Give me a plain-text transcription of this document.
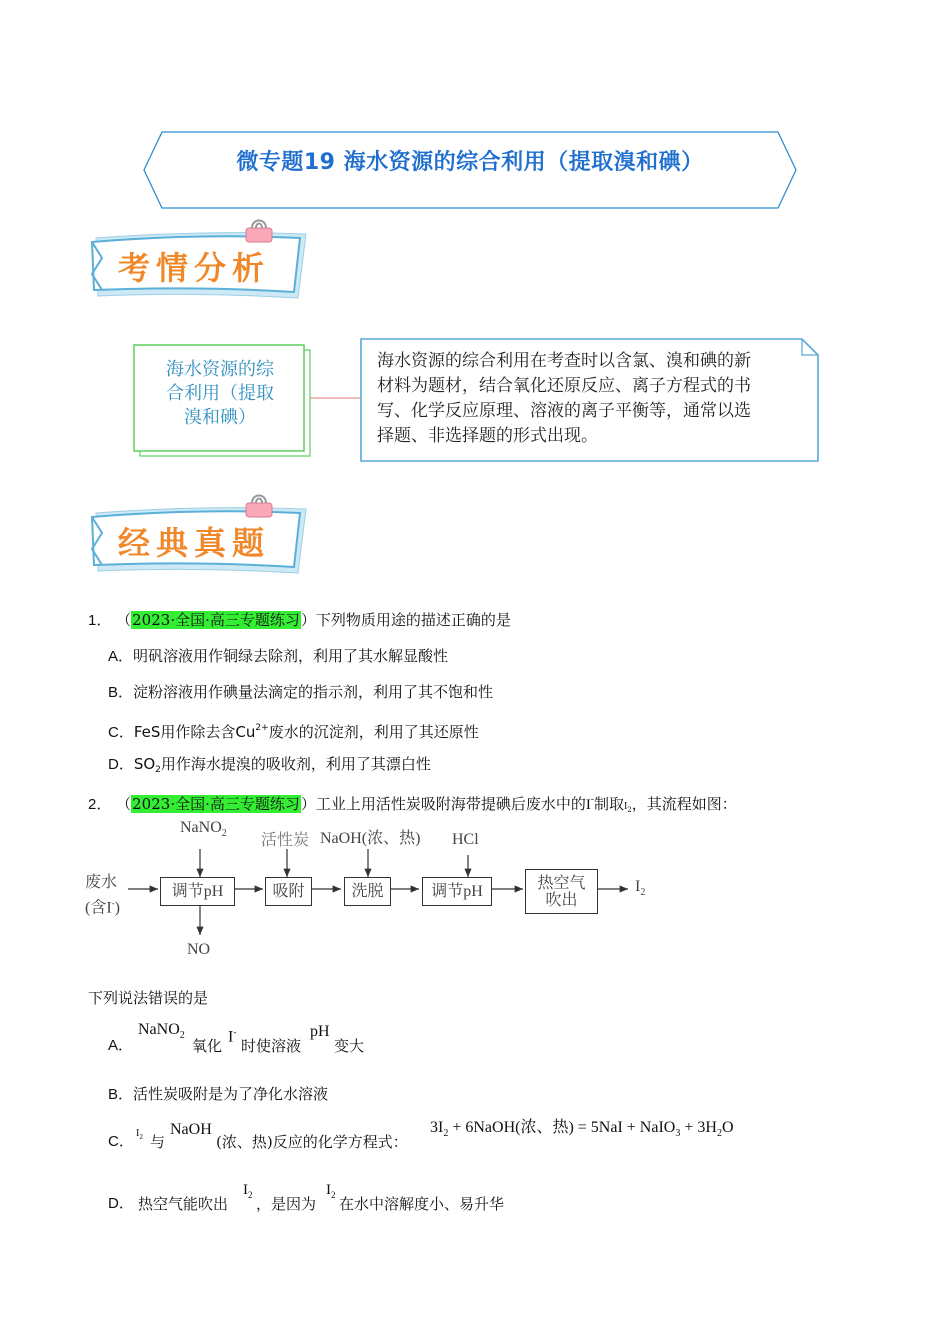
微专题19 海水资源的综合利用（提取溴和碘）
考情分析
海水资源的综
合利用（提取
溴和碘）
海水资源的综合利用在考查时以含氯、溴和碘的新
材料为题材，结合氧化还原反应、离子方程式的书
写、化学反应原理、溶液的离子平衡等，通常以选
择题、非选择题的形式出现。
经典真题
1． （2023·全国·高三专题练习）下列物质用途的描述正确的是
A．明矾溶液用作铜绿去除剂，利用了其水解显酸性
B．淀粉溶液用作碘量法滴定的指示剂，利用了其不饱和性
C．FeS用作除去含$Cu^{2+}$废水的沉淀剂，利用了其还原性
D．$SO_2$用作海水提溴的吸收剂，利用了其漂白性
2． （2023·全国·高三专题练习）工业上用活性炭吸附海带提碘后废水中的I-制取$I_2$，其流程如图：
废水
(含I-)
NaNO$_2$ 活性炭 NaOH(浓、热) HCl
NO
调节pH	吸附	洗脱	调节pH	热空气
吹出
$I_2$
下列说法错误的是
A．
NaNO$_2$
氧化
I-
时使溶液
pH
变大
B．活性炭吸附是为了净化水溶液
C． $I_2$ 与
NaOH
(浓、热)反应的化学方程式：
$3I_2$ + 6NaOH(浓、热) = 5NaI + NaIO$_3$ + $3H_2O$
D． 热空气能吹出
$I_2$ ，是因为
$I_2$ 在水中溶解度小、易升华
